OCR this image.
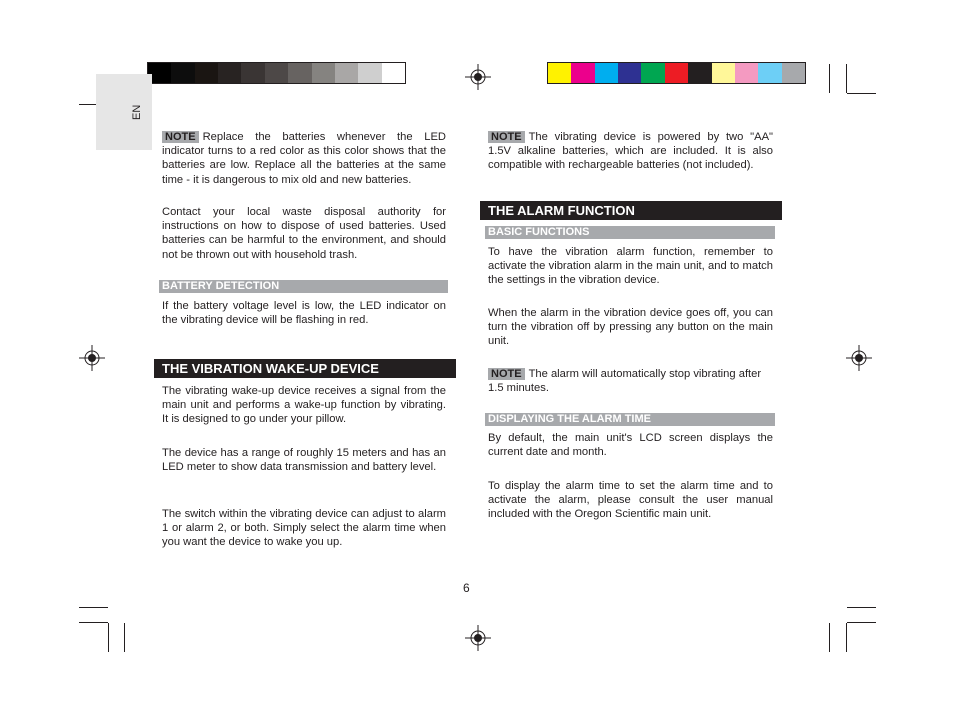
EN

NOTE Replace the batteries whenever the LED indicator turns to a red color as this color shows that the batteries are low. Replace all the batteries at the same time - it is dangerous to mix old and new batteries.

Contact your local waste disposal authority for instructions on how to dispose of used batteries. Used batteries can be harmful to the environment, and should not be thrown out with household trash.

BATTERY DETECTION

If the battery voltage level is low, the LED indicator on the vibrating device will be flashing in red.

THE VIBRATION WAKE-UP DEVICE

The vibrating wake-up device receives a signal from the main unit and performs a wake-up function by vibrating. It is designed to go under your pillow.

The device has a range of roughly 15 meters and has an LED meter to show data transmission and battery level.

The switch within the vibrating device can adjust to alarm 1 or alarm 2, or both. Simply select the alarm time when you want the device to wake you up.

NOTE The vibrating device is powered by two "AA" 1.5V alkaline batteries, which are included. It is also compatible with rechargeable batteries (not included).

THE ALARM FUNCTION
BASIC FUNCTIONS

To have the vibration alarm function, remember to activate the vibration alarm in the main unit, and to match the settings in the vibration device.

When the alarm in the vibration device goes off, you can turn the vibration off by pressing any button on the main unit.

NOTE The alarm will automatically stop vibrating after 1.5 minutes.

DISPLAYING THE ALARM TIME

By default, the main unit's LCD screen displays the current date and month.

To display the alarm time to set the alarm time and to activate the alarm, please consult the user manual included with the Oregon Scientific main unit.

6
